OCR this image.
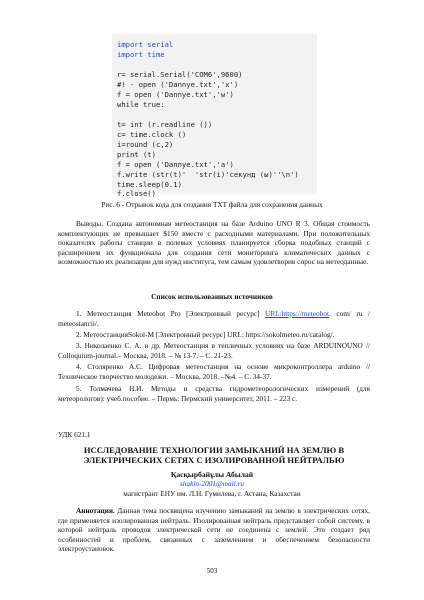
import serial
import time
r= serial.Serial('COM6',9600)
#! - open ('Dannye.txt','x')
f = open ('Dannye.txt','w')
while true:
t= int (r.readline ())
c= time.clock ()
i=round (c,2)
print (t)
f = open ('Dannye.txt','a')
f.write (str(t)'  'str(i)'секунд (ы)''\n')
time.sleep(0.1)
f.close()
Рис. 6 - Отрывок кода для создания TXT файла для сохранения данных

Выводы. Создана автономная метеостанция на базе Arduino UNO R 3. Общая стоимость комплектующих не превышает $150 вместе с расходными материалами. При положительных показателях работы станции в полевых условиях планируется сборка подобных станций с расширением их функционала для создания сети мониторинга климатических данных с возможностью их реализации для нужд институга, тем самым удовлетворив спрос на метеоданные.

Список использованных источников
1. Метеостанция Meteobot Pro [Электронный ресурс] URL:https://meteobot. com/ ru / meteostancii/.
2. МетеостанцияSokol-M [Электронный ресурс] URL: https://sokolmeteo.ru/catalog/.
3. Николаенко С. А. и др. Метеостанция в тепличных условиях на базе ARDUINOUNO // Colloquium-journal.– Москва, 2018. – № 13-7. – С. 21-23.
4. Столяренко А.С. Цифровая метеостанция на основе микроконтроллера arduino // Техническое творчество молодежи. – Москва, 2018. –№4. – С. 34-37.
5. Толмачева Н.И. Методы и средства гидрометеорологических измерений (для метеорологов): учеб.пособие. – Пермь: Пермский университет, 2011. – 223 с.
УДК 621.1
ИССЛЕДОВАНИЕ ТЕХНОЛОГИИ ЗАМЫКАНИЙ НА ЗЕМЛЮ В ЭЛЕКТРИЧЕСКИХ СЕТЯХ С ИЗОЛИРОВАННОЙ НЕЙТРАЛЬЮ
Қасқырбайұлы Абылай
shakin-2001@mail.ru
магистрант ЕНУ им. Л.Н. Гумилева, г. Астана, Казахстан

Аннотация. Данная тема посвящена изучению замыканий на землю в электрических сетях, где применяется изолированная нейтраль. Изолированная нейтраль представляет собой систему, в которой нейтраль проводов электрической сети не соединена с землей. Это создает ряд особенностей и проблем, связанных с заземлением и обеспечением безопасности электроустановок.

503
